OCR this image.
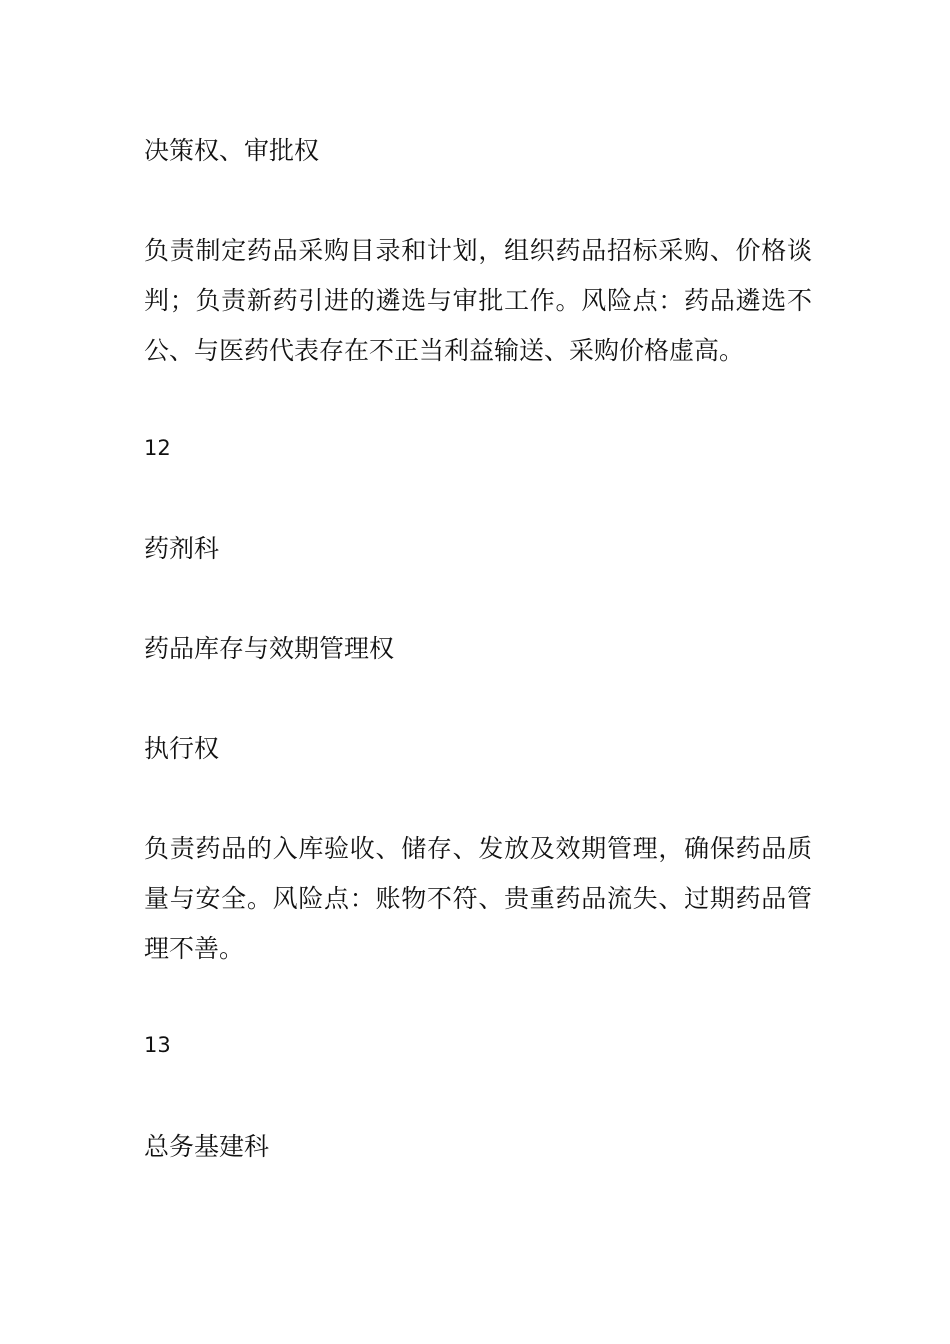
决策权、审批权
负责制定药品采购目录和计划，组织药品招标采购、价格谈判；负责新药引进的遴选与审批工作。风险点：药品遴选不公、与医药代表存在不正当利益输送、采购价格虚高。
12
药剂科
药品库存与效期管理权
执行权
负责药品的入库验收、储存、发放及效期管理，确保药品质量与安全。风险点：账物不符、贵重药品流失、过期药品管理不善。
13
总务基建科
